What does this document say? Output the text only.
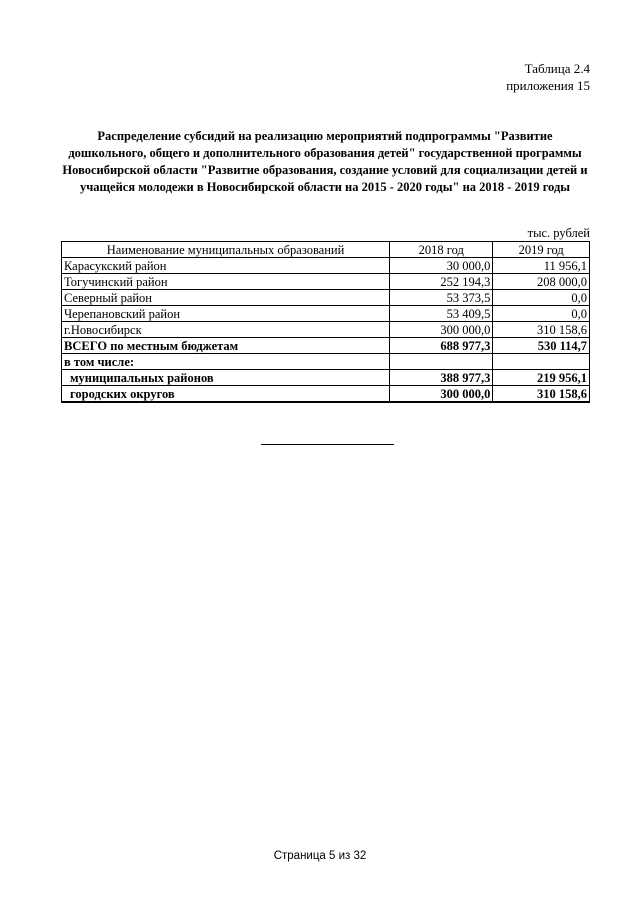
Таблица 2.4
приложения 15
Распределение субсидий на реализацию мероприятий подпрограммы "Развитие дошкольного, общего и дополнительного образования детей" государственной программы Новосибирской области "Развитие образования, создание условий для социализации детей и учащейся молодежи в Новосибирской области на 2015 - 2020 годы" на 2018 - 2019 годы
тыс. рублей
Наименование муниципальных образований	2018 год	2019 год
Карасукский район	30 000,0	11 956,1
Тогучинский район	252 194,3	208 000,0
Северный район	53 373,5	0,0
Черепановский район	53 409,5	0,0
г.Новосибирск	300 000,0	310 158,6
ВСЕГО по местным бюджетам	688 977,3	530 114,7
в том числе:		
муниципальных районов	388 977,3	219 956,1
городских округов	300 000,0	310 158,6
Страница 5 из 32
